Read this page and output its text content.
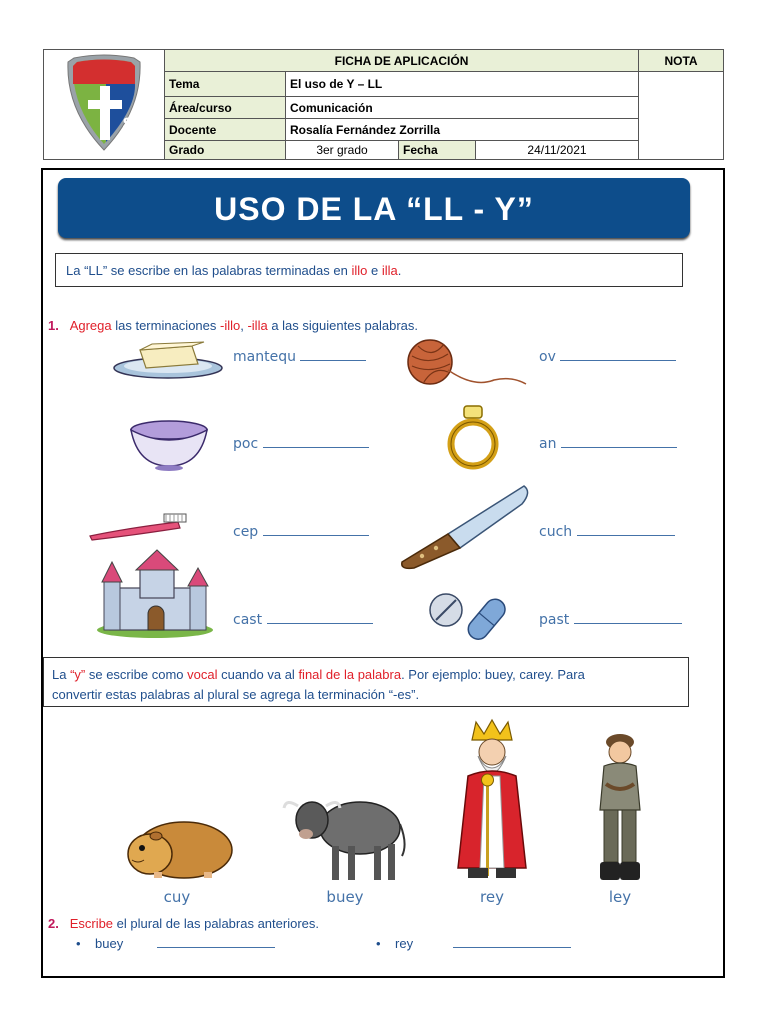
SGS	FICHA DE APLICACIÓN				NOTA
	Tema	El uso de Y – LL			
	Área/curso	Comunicación			
	Docente	Rosalía Fernández Zorrilla			
	Grado	3er grado	Fecha	24/11/2021	
USO DE LA “LL - Y”
La “LL” se escribe en las palabras terminadas en illo e illa.
1. Agrega las terminaciones -illo, -illa a las siguientes palabras.
mantequ	ov
poc	an
cep	cuch
cast	past
La “y” se escribe como vocal cuando va al final de la palabra. Por ejemplo: buey, carey. Para
convertir estas palabras al plural se agrega la terminación “-es”.
cuy	buey	rey	ley
2. Escribe el plural de las palabras anteriores.
• buey	• rey
